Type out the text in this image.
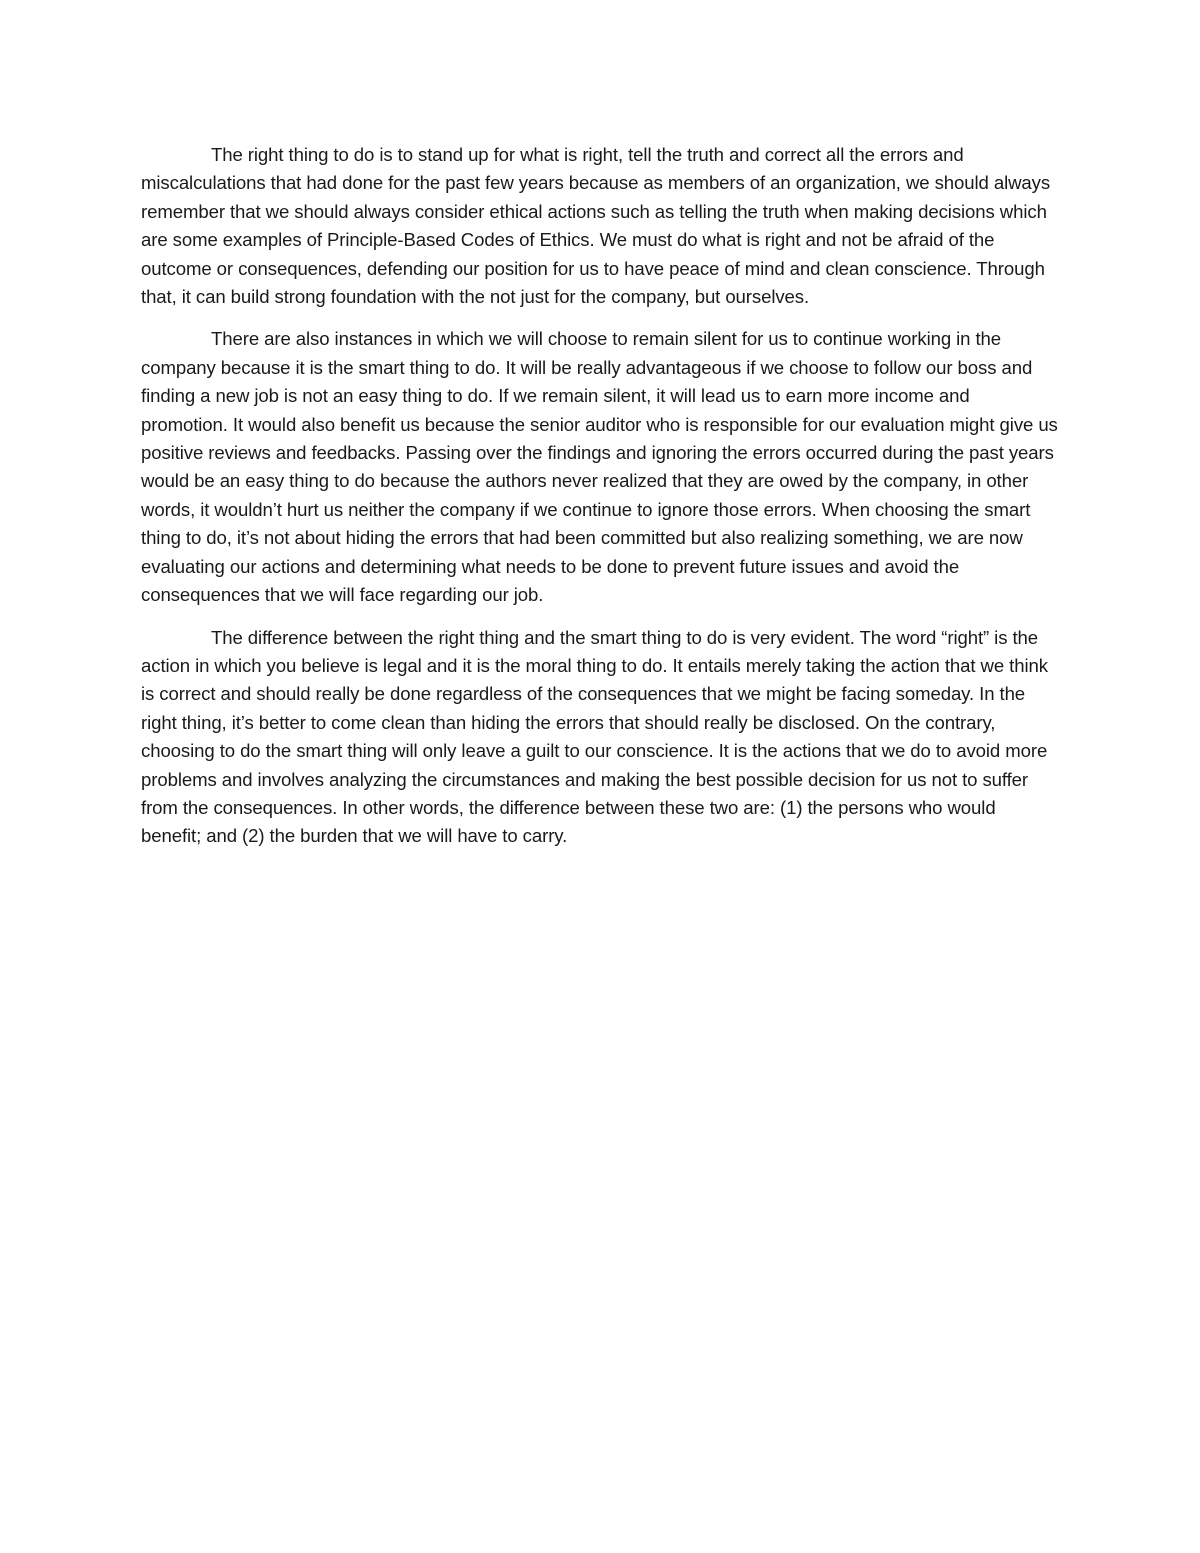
The right thing to do is to stand up for what is right, tell the truth and correct all the errors and miscalculations that had done for the past few years because as members of an organization, we should always remember that we should always consider ethical actions such as telling the truth when making decisions which are some examples of Principle-Based Codes of Ethics. We must do what is right and not be afraid of the outcome or consequences, defending our position for us to have peace of mind and clean conscience. Through that, it can build strong foundation with the not just for the company, but ourselves.

There are also instances in which we will choose to remain silent for us to continue working in the company because it is the smart thing to do. It will be really advantageous if we choose to follow our boss and finding a new job is not an easy thing to do. If we remain silent, it will lead us to earn more income and promotion. It would also benefit us because the senior auditor who is responsible for our evaluation might give us positive reviews and feedbacks. Passing over the findings and ignoring the errors occurred during the past years would be an easy thing to do because the authors never realized that they are owed by the company, in other words, it wouldn’t hurt us neither the company if we continue to ignore those errors. When choosing the smart thing to do, it’s not about hiding the errors that had been committed but also realizing something, we are now evaluating our actions and determining what needs to be done to prevent future issues and avoid the consequences that we will face regarding our job.

The difference between the right thing and the smart thing to do is very evident. The word “right” is the action in which you believe is legal and it is the moral thing to do. It entails merely taking the action that we think is correct and should really be done regardless of the consequences that we might be facing someday. In the right thing, it’s better to come clean than hiding the errors that should really be disclosed. On the contrary, choosing to do the smart thing will only leave a guilt to our conscience. It is the actions that we do to avoid more problems and involves analyzing the circumstances and making the best possible decision for us not to suffer from the consequences. In other words, the difference between these two are: (1) the persons who would benefit; and (2) the burden that we will have to carry.
